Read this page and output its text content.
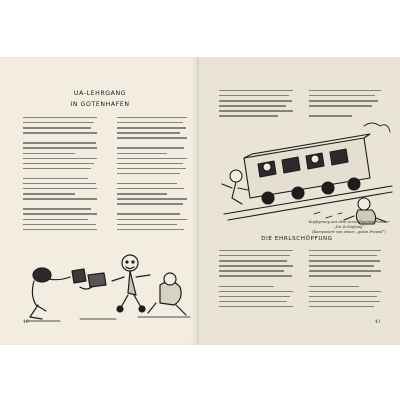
UA-LEHRGANG
IN GOTENHAFEN
40
Kopfsprung aus dem zerschlissenen Fenster „Die Schöpfung“
(Komponiert von einem „guten Freund“)
DIE EHRLSCHÖPFUNG
41
